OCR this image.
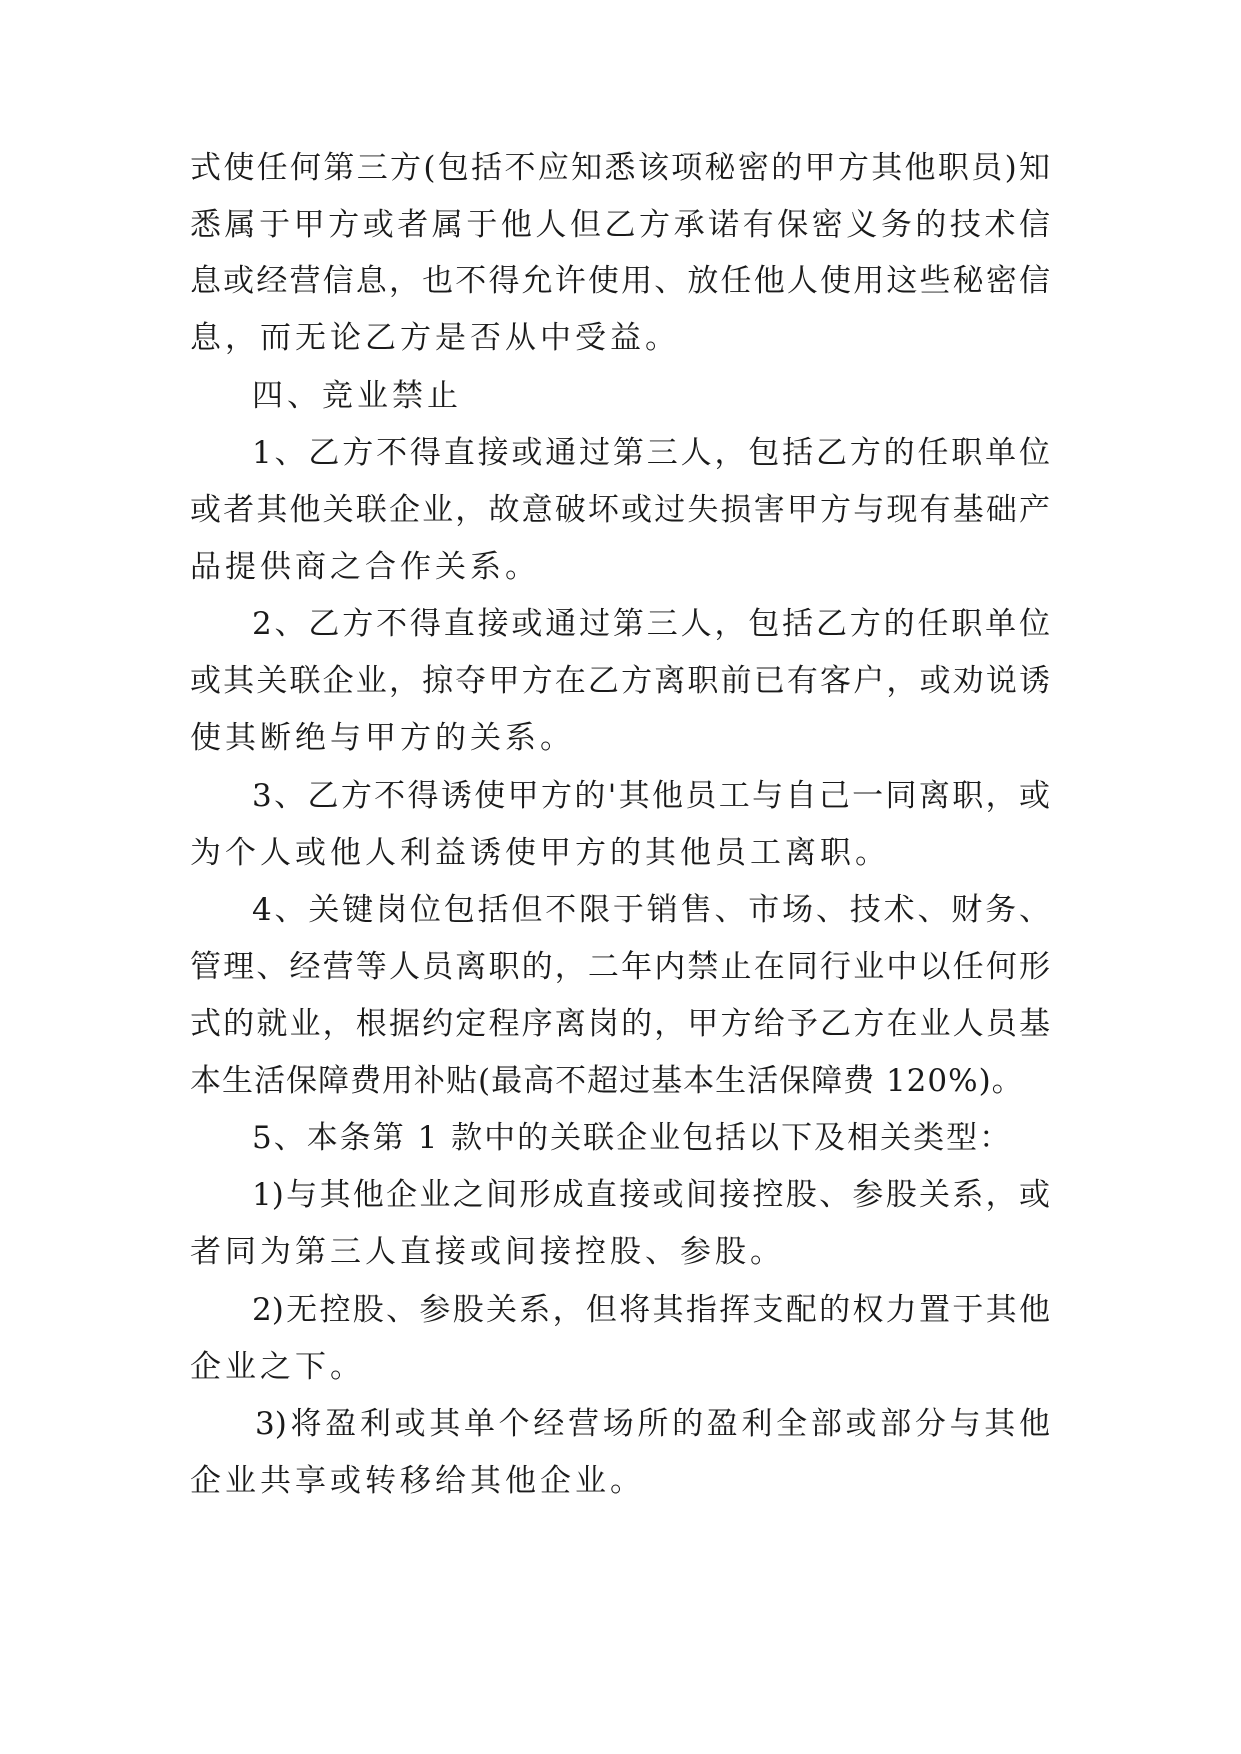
式使任何第三方(包括不应知悉该项秘密的甲方其他职员)知
悉属于甲方或者属于他人但乙方承诺有保密义务的技术信
息或经营信息，也不得允许使用、放任他人使用这些秘密信
息，而无论乙方是否从中受益。
四、竞业禁止
1、乙方不得直接或通过第三人，包括乙方的任职单位
或者其他关联企业，故意破坏或过失损害甲方与现有基础产
品提供商之合作关系。
2、乙方不得直接或通过第三人，包括乙方的任职单位
或其关联企业，掠夺甲方在乙方离职前已有客户，或劝说诱
使其断绝与甲方的关系。
3、乙方不得诱使甲方的'其他员工与自己一同离职，或
为个人或他人利益诱使甲方的其他员工离职。
4、关键岗位包括但不限于销售、市场、技术、财务、
管理、经营等人员离职的，二年内禁止在同行业中以任何形
式的就业，根据约定程序离岗的，甲方给予乙方在业人员基
本生活保障费用补贴(最高不超过基本生活保障费 120%)。
5、本条第 1 款中的关联企业包括以下及相关类型：
1)与其他企业之间形成直接或间接控股、参股关系，或
者同为第三人直接或间接控股、参股。
2)无控股、参股关系，但将其指挥支配的权力置于其他
企业之下。
3)将盈利或其单个经营场所的盈利全部或部分与其他
企业共享或转移给其他企业。
